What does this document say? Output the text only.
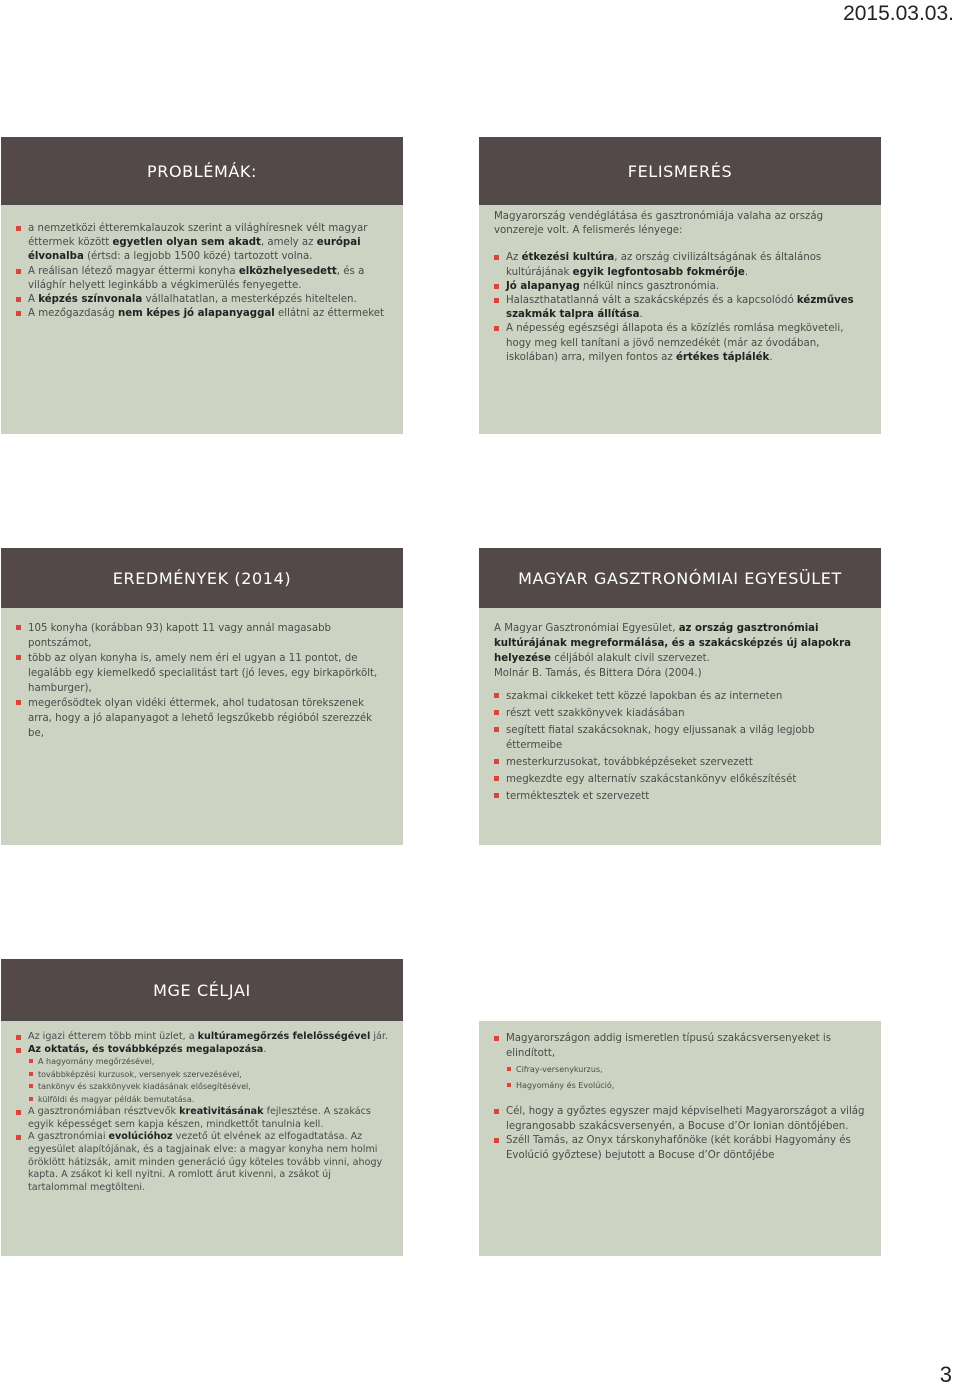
2015.03.03.
PROBLÉMÁK:

a nemzetközi étteremkalauzok szerint a világhíresnek vélt magyar éttermek között egyetlen olyan sem akadt, amely az európai élvonalba (értsd: a legjobb 1500 közé) tartozott volna.

A reálisan létező magyar éttermi konyha elközhelyesedett, és a világhír helyett leginkább a végkimerülés fenyegette.

A képzés színvonala vállalhatatlan, a mesterképzés hiteltelen.

A mezőgazdaság nem képes jó alapanyaggal ellátni az éttermeket

FELISMERÉS

Magyarország vendéglátása és gasztronómiája valaha az ország vonzereje volt. A felismerés lényege:

Az étkezési kultúra, az ország civilizáltságának és általános kultúrájának egyik legfontosabb fokmérője.

Jó alapanyag nélkül nincs gasztronómia.

Halaszthatatlanná vált a szakácsképzés és a kapcsolódó kézműves szakmák talpra állítása.

A népesség egészségi állapota és a közízlés romlása megköveteli, hogy meg kell tanítani a jövő nemzedékét (már az óvodában, iskolában) arra, milyen fontos az értékes táplálék.

EREDMÉNYEK (2014)

105 konyha (korábban 93) kapott 11 vagy annál magasabb pontszámot,

több az olyan konyha is, amely nem éri el ugyan a 11 pontot, de legalább egy kiemelkedő specialitást tart (jó leves, egy birkapörkölt, hamburger),

megerősödtek olyan vidéki éttermek, ahol tudatosan törekszenek arra, hogy a jó alapanyagot a lehető legszűkebb régióból szerezzék be,

MAGYAR GASZTRONÓMIAI EGYESÜLET

A Magyar Gasztronómiai Egyesület, az ország gasztronómiai kultúrájának megreformálása, és a szakácsképzés új alapokra helyezése céljából alakult civil szervezet.

Molnár B. Tamás, és Bittera Dóra (2004.)

szakmai cikkeket tett közzé lapokban és az interneten

részt vett szakkönyvek kiadásában

segített fiatal szakácsoknak, hogy eljussanak a világ legjobb éttermeibe

mesterkurzusokat, továbbképzéseket szervezett

megkezdte egy alternatív szakácstankönyv előkészítését

terméktesztek et szervezett

MGE CÉLJAI

Az igazi étterem több mint üzlet, a kultúramegőrzés felelősségével jár.

Az oktatás, és továbbképzés megalapozása.

A hagyomány megőrzésével,

továbbképzési kurzusok, versenyek szervezésével,

tankönyv és szakkönyvek kiadásának elősegítésével,

külföldi és magyar példák bemutatása.

A gasztronómiában résztvevők kreativitásának fejlesztése. A szakács egyik képességet sem kapja készen, mindkettőt tanulnia kell.

A gasztronómiai evolúcióhoz vezető út elvének az elfogadtatása. Az egyesület alapítójának, és a tagjainak elve: a magyar konyha nem holmi öröklött hátizsák, amit minden generáció úgy köteles tovább vinni, ahogy kapta. A zsákot ki kell nyitni. A romlott árut kivenni, a zsákot új tartalommal megtölteni.

Magyarországon addig ismeretlen típusú szakácsversenyeket is elindított,

Cifray-versenykurzus,

Hagyomány és Evolúció,

Cél, hogy a győztes egyszer majd képviselheti Magyarországot a világ legrangosabb szakácsversenyén, a Bocuse d’Or Ionian döntőjében.

Széll Tamás, az Onyx társkonyhafőnöke (két korábbi Hagyomány és Evolúció győztese) bejutott a Bocuse d’Or döntőjébe

3
